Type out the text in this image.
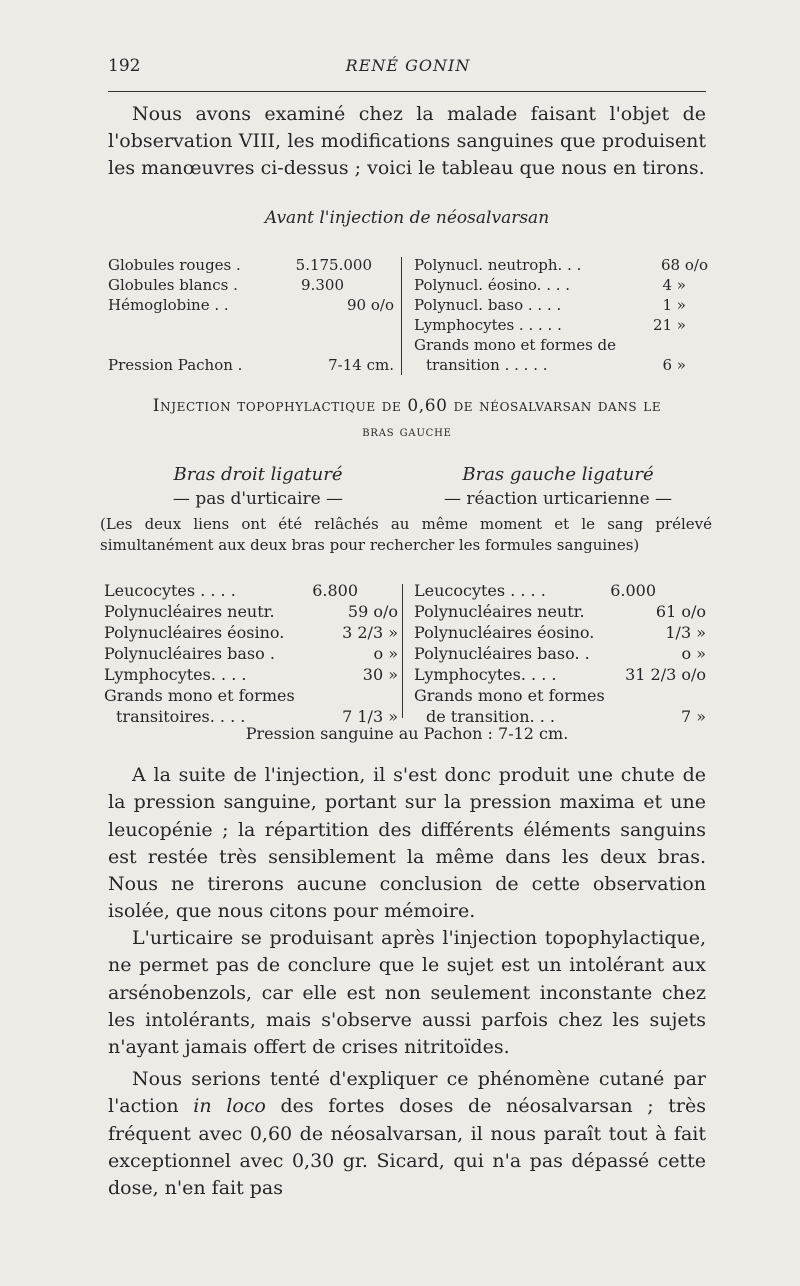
192	RENÉ GONIN
Nous avons examiné chez la malade faisant l'objet de l'observation VIII, les modifications sanguines que produisent les manœuvres ci-dessus ; voici le tableau que nous en tirons.
Avant l'injection de néosalvarsan
Globules rouges .	5.175.000
Globules blancs .	9.300
Hémoglobine . .	90 o/o
Pression Pachon .	7-14 cm.
Polynucl. neutroph. . .	68 o/o
Polynucl. éosino. . . .	4 »
Polynucl. baso . . . .	1 »
Lymphocytes . . . . .	21 »
Grands mono et formes de
transition . . . . .	6 »
Injection topophylactique de 0,60 de néosalvarsan dans le
bras gauche
Bras droit ligaturé
— pas d'urticaire —
Bras gauche ligaturé
— réaction urticarienne —
(Les deux liens ont été relâchés au même moment et le sang prélevé simultanément aux deux bras pour rechercher les formules sanguines)
Leucocytes . . . .	6.800
Polynucléaires neutr.	59 o/o
Polynucléaires éosino.	3 2/3 »
Polynucléaires baso .	o »
Lymphocytes. . . .	30 »
Grands mono et formes
transitoires. . . .	7 1/3 »
Leucocytes . . . .	6.000
Polynucléaires neutr.	61 o/o
Polynucléaires éosino.	1/3 »
Polynucléaires baso. .	o »
Lymphocytes. . . .	31 2/3 o/o
Grands mono et formes
de transition. . .	7 »
Pression sanguine au Pachon : 7-12 cm.
A la suite de l'injection, il s'est donc produit une chute de la pression sanguine, portant sur la pression maxima et une leucopénie ; la répartition des différents éléments sanguins est restée très sensiblement la même dans les deux bras. Nous ne tirerons aucune conclusion de cette observation isolée, que nous citons pour mémoire.
L'urticaire se produisant après l'injection topophylactique, ne permet pas de conclure que le sujet est un intolérant aux arsénobenzols, car elle est non seulement inconstante chez les intolérants, mais s'observe aussi parfois chez les sujets n'ayant jamais offert de crises nitritoïdes.
Nous serions tenté d'expliquer ce phénomène cutané par l'action in loco des fortes doses de néosalvarsan ; très fréquent avec 0,60 de néosalvarsan, il nous paraît tout à fait exceptionnel avec 0,30 gr. Sicard, qui n'a pas dépassé cette dose, n'en fait pas
